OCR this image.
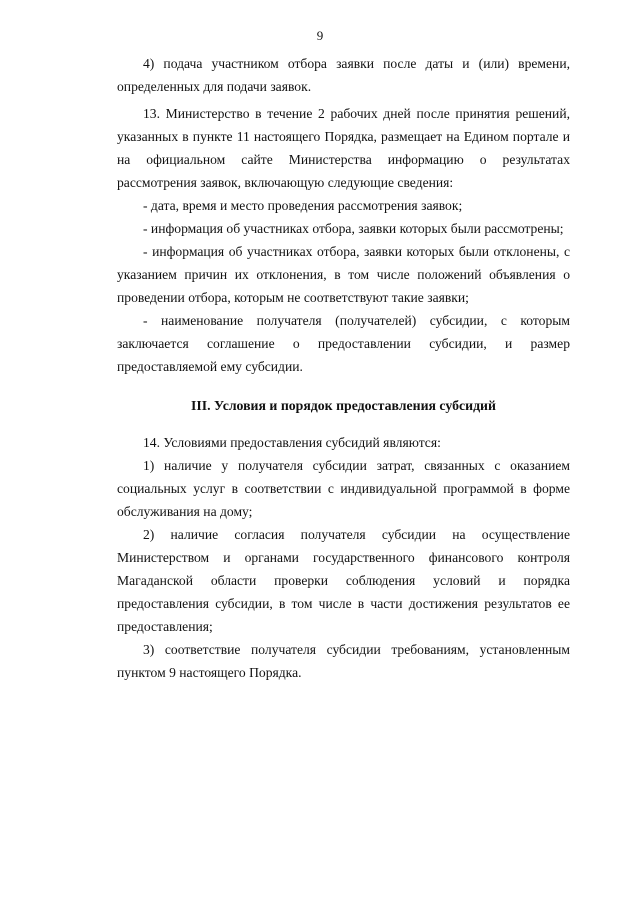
9

4) подача участником отбора заявки после даты и (или) времени, определенных для подачи заявок.

13. Министерство в течение 2 рабочих дней после принятия решений, указанных в пункте 11 настоящего Порядка, размещает на Едином портале и на официальном сайте Министерства информацию о результатах рассмотрения заявок, включающую следующие сведения:

- дата, время и место проведения рассмотрения заявок;

- информация об участниках отбора, заявки которых были рассмотрены;

- информация об участниках отбора, заявки которых были отклонены, с указанием причин их отклонения, в том числе положений объявления о проведении отбора, которым не соответствуют такие заявки;

- наименование получателя (получателей) субсидии, с которым заключается соглашение о предоставлении субсидии, и размер предоставляемой ему субсидии.

III. Условия и порядок предоставления субсидий

14. Условиями предоставления субсидий являются:

1) наличие у получателя субсидии затрат, связанных с оказанием социальных услуг в соответствии с индивидуальной программой в форме обслуживания на дому;

2) наличие согласия получателя субсидии на осуществление Министерством и органами государственного финансового контроля Магаданской области проверки соблюдения условий и порядка предоставления субсидии, в том числе в части достижения результатов ее предоставления;

3) соответствие получателя субсидии требованиям, установленным пунктом 9 настоящего Порядка.
